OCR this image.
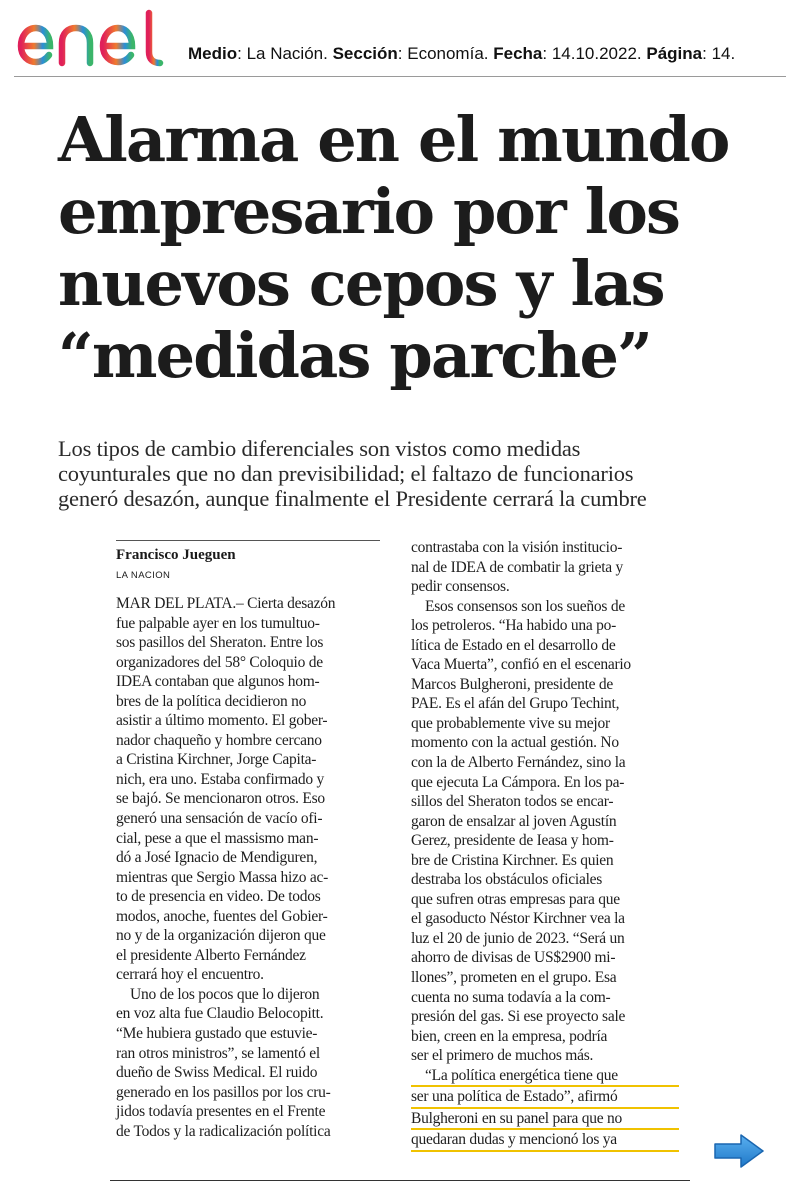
Medio: La Nación. Sección: Economía. Fecha: 14.10.2022. Página: 14.
Alarma en el mundo
empresario por los
nuevos cepos y las
“medidas parche”
Los tipos de cambio diferenciales son vistos como medidas
coyunturales que no dan previsibilidad; el faltazo de funcionarios
generó desazón, aunque finalmente el Presidente cerrará la cumbre
Francisco Jueguen
LA NACION
MAR DEL PLATA.– Cierta desazón
fue palpable ayer en los tumultuo-
sos pasillos del Sheraton. Entre los
organizadores del 58° Coloquio de
IDEA contaban que algunos hom-
bres de la política decidieron no
asistir a último momento. El gober-
nador chaqueño y hombre cercano
a Cristina Kirchner, Jorge Capita-
nich, era uno. Estaba confirmado y
se bajó. Se mencionaron otros. Eso
generó una sensación de vacío ofi-
cial, pese a que el massismo man-
dó a José Ignacio de Mendiguren,
mientras que Sergio Massa hizo ac-
to de presencia en video. De todos
modos, anoche, fuentes del Gobier-
no y de la organización dijeron que
el presidente Alberto Fernández
cerrará hoy el encuentro.
Uno de los pocos que lo dijeron
en voz alta fue Claudio Belocopitt.
“Me hubiera gustado que estuvie-
ran otros ministros”, se lamentó el
dueño de Swiss Medical. El ruido
generado en los pasillos por los cru-
jidos todavía presentes en el Frente
de Todos y la radicalización política
contrastaba con la visión institucio-
nal de IDEA de combatir la grieta y
pedir consensos.
Esos consensos son los sueños de
los petroleros. “Ha habido una po-
lítica de Estado en el desarrollo de
Vaca Muerta”, confió en el escenario
Marcos Bulgheroni, presidente de
PAE. Es el afán del Grupo Techint,
que probablemente vive su mejor
momento con la actual gestión. No
con la de Alberto Fernández, sino la
que ejecuta La Cámpora. En los pa-
sillos del Sheraton todos se encar-
garon de ensalzar al joven Agustín
Gerez, presidente de Ieasa y hom-
bre de Cristina Kirchner. Es quien
destraba los obstáculos oficiales
que sufren otras empresas para que
el gasoducto Néstor Kirchner vea la
luz el 20 de junio de 2023. “Será un
ahorro de divisas de US$2900 mi-
llones”, prometen en el grupo. Esa
cuenta no suma todavía a la com-
presión del gas. Si ese proyecto sale
bien, creen en la empresa, podría
ser el primero de muchos más.
“La política energética tiene que
ser una política de Estado”, afirmó
Bulgheroni en su panel para que no
quedaran dudas y mencionó los ya
